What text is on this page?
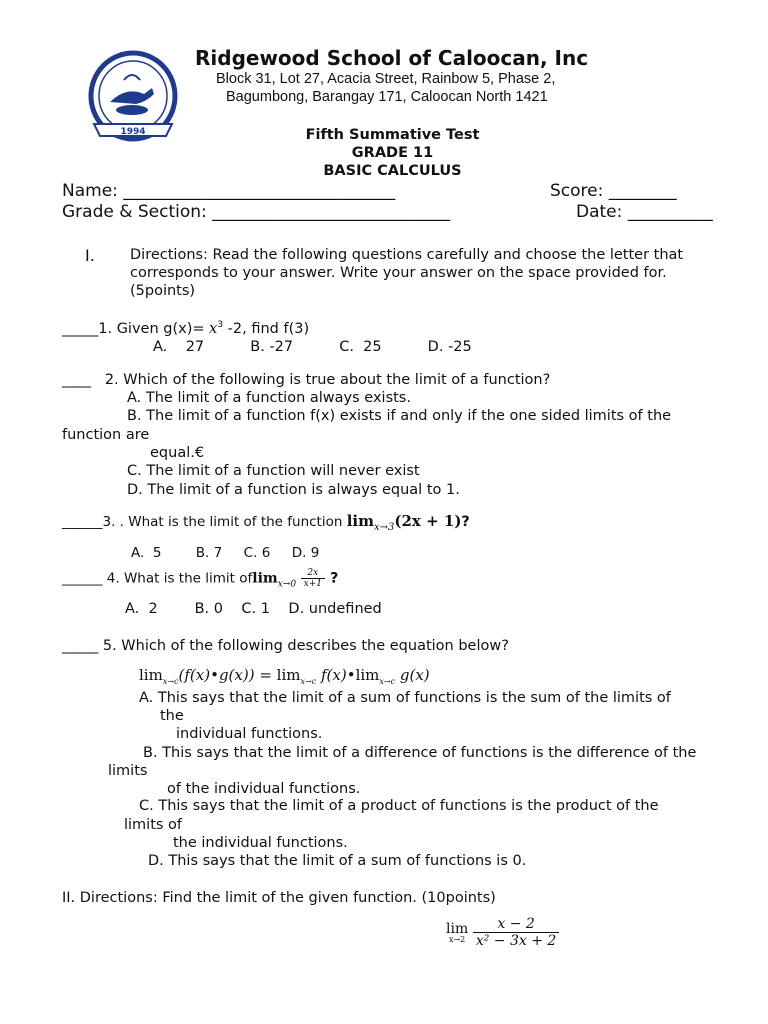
1994
Ridgewood School of Caloocan, Inc
Block 31, Lot 27, Acacia Street, Rainbow 5, Phase 2,
Bagumbong, Barangay 171, Caloocan North 1421
Fifth Summative Test
GRADE 11
BASIC CALCULUS
Name: ________________________________	Score: ________
Grade & Section: ____________________________	Date: __________
I. Directions: Read the following questions carefully and choose the letter that
corresponds to your answer. Write your answer on the space provided for.
(5points)
_____1. Given $g(x)= x^3$ -2, find f(3)
A.    27          B. -27          C.  25          D. -25
____   2. Which of the following is true about the limit of a function?
A. The limit of a function always exists.
B. The limit of a function f(x) exists if and only if the one sided limits of the
function are
equal.€
C. The limit of a function will never exist
D. The limit of a function is always equal to 1.
______3. . What is the limit of the function $\lim_{x\to 3}(2x + 1)$?
A.  5        B. 7     C. 6     D. 9
______ 4. What is the limit $oflim_{x\to 0} \frac{2x}{x+1}$ ?
A.  2        B. 0    C. 1    D. undefined
_____ 5. Which of the following describes the equation below?
$\lim_{x\to c}(f(x)•g(x)) = \lim_{x\to c}$ $f(x)•\lim_{x\to c}$ g(x)
A. This says that the limit of a sum of functions is the sum of the limits of
the
individual functions.
B. This says that the limit of a difference of functions is the difference of the
limits
of the individual functions.
C. This says that the limit of a product of functions is the product of the
limits of
the individual functions.
D. This says that the limit of a sum of functions is 0.
II. Directions: Find the limit of the given function. (10points)
lim
x→2
$\frac{x - 2}{\text{x² − 3x + 2}}$
